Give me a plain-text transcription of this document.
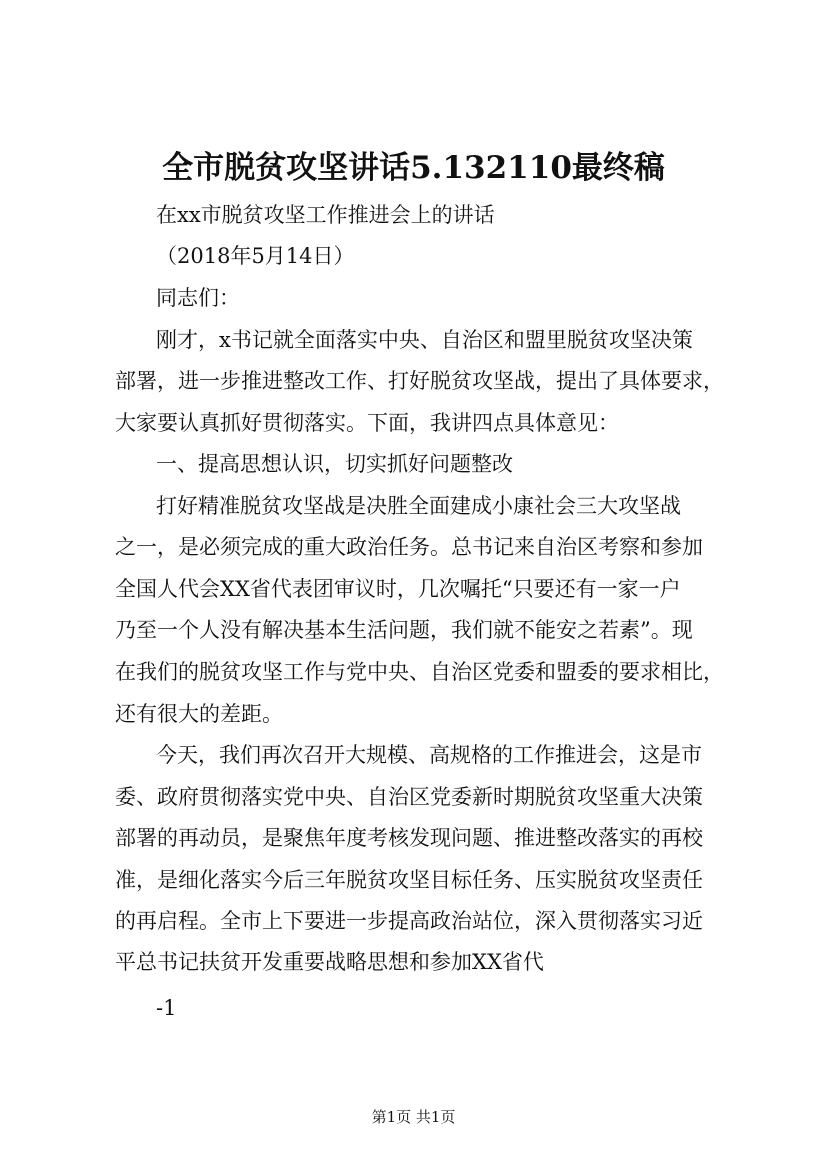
全市脱贫攻坚讲话5.132110最终稿
在xx市脱贫攻坚工作推进会上的讲话
（2018年5月14日）
同志们：
刚才，x书记就全面落实中央、自治区和盟里脱贫攻坚决策
部署，进一步推进整改工作、打好脱贫攻坚战，提出了具体要求，
大家要认真抓好贯彻落实。下面，我讲四点具体意见：
一、提高思想认识，切实抓好问题整改
打好精准脱贫攻坚战是决胜全面建成小康社会三大攻坚战
之一，是必须完成的重大政治任务。总书记来自治区考察和参加
全国人代会XX省代表团审议时，几次嘱托“只要还有一家一户
乃至一个人没有解决基本生活问题，我们就不能安之若素”。现
在我们的脱贫攻坚工作与党中央、自治区党委和盟委的要求相比，
还有很大的差距。
今天，我们再次召开大规模、高规格的工作推进会，这是市
委、政府贯彻落实党中央、自治区党委新时期脱贫攻坚重大决策
部署的再动员，是聚焦年度考核发现问题、推进整改落实的再校
准，是细化落实今后三年脱贫攻坚目标任务、压实脱贫攻坚责任
的再启程。全市上下要进一步提高政治站位，深入贯彻落实习近
平总书记扶贫开发重要战略思想和参加XX省代
-1
第1页 共1页
